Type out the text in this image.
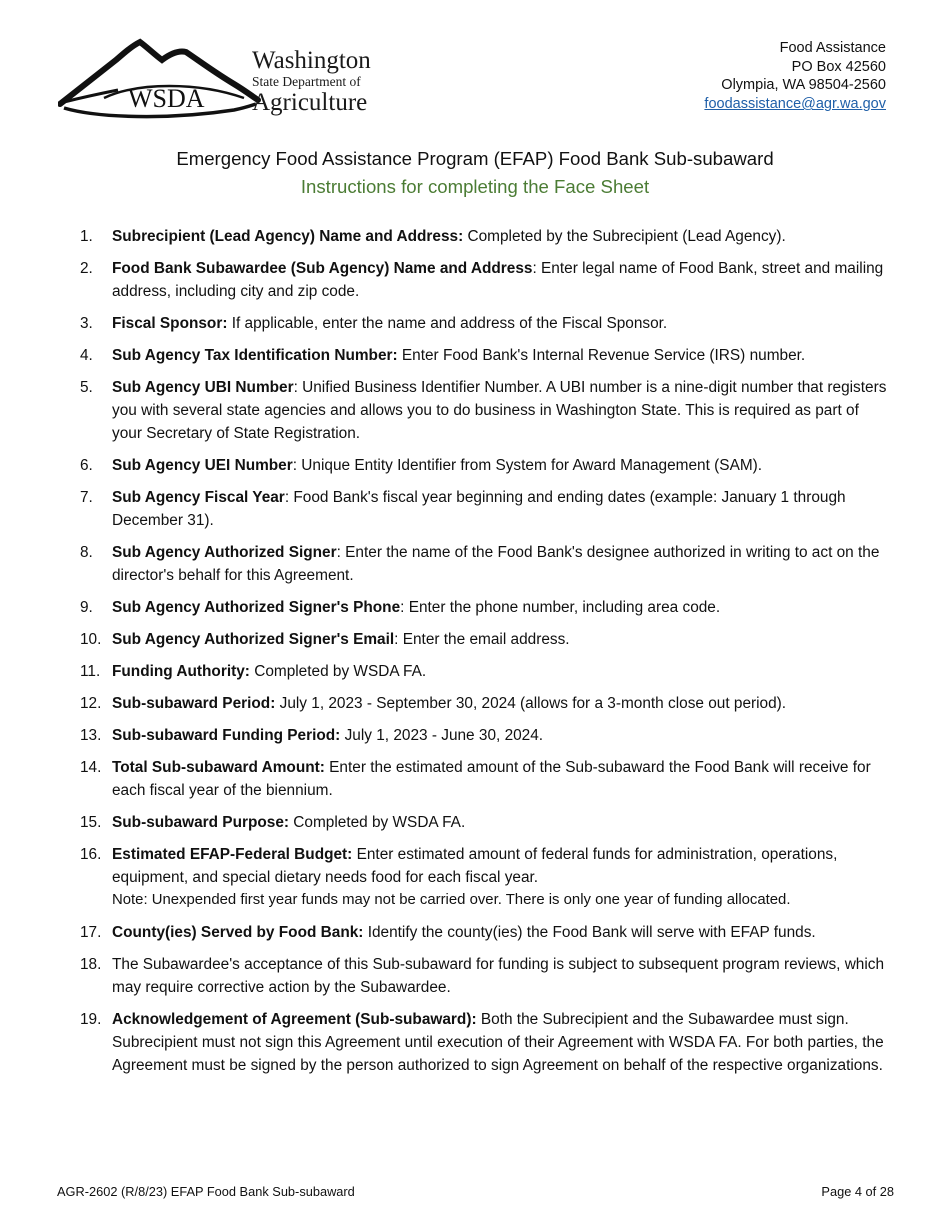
WSDA
Washington
State Department of
Agriculture
Food Assistance
PO Box 42560
Olympia, WA 98504-2560
foodassistance@agr.wa.gov
Emergency Food Assistance Program (EFAP) Food Bank Sub-subaward
Instructions for completing the Face Sheet
1.	Subrecipient (Lead Agency) Name and Address: Completed by the Subrecipient (Lead Agency).
2.	Food Bank Subawardee (Sub Agency) Name and Address: Enter legal name of Food Bank, street and mailing address, including city and zip code.
3.	Fiscal Sponsor: If applicable, enter the name and address of the Fiscal Sponsor.
4.	Sub Agency Tax Identification Number: Enter Food Bank's Internal Revenue Service (IRS) number.
5.	Sub Agency UBI Number: Unified Business Identifier Number. A UBI number is a nine-digit number that registers you with several state agencies and allows you to do business in Washington State. This is required as part of your Secretary of State Registration.
6.	Sub Agency UEI Number: Unique Entity Identifier from System for Award Management (SAM).
7.	Sub Agency Fiscal Year: Food Bank's fiscal year beginning and ending dates (example: January 1 through December 31).
8.	Sub Agency Authorized Signer: Enter the name of the Food Bank's designee authorized in writing to act on the director's behalf for this Agreement.
9.	Sub Agency Authorized Signer's Phone: Enter the phone number, including area code.
10. Sub Agency Authorized Signer's Email: Enter the email address.
11. Funding Authority: Completed by WSDA FA.
12. Sub-subaward Period: July 1, 2023 - September 30, 2024 (allows for a 3-month close out period).
13. Sub-subaward Funding Period: July 1, 2023 - June 30, 2024.
14. Total Sub-subaward Amount: Enter the estimated amount of the Sub-subaward the Food Bank will receive for each fiscal year of the biennium.
15. Sub-subaward Purpose: Completed by WSDA FA.
16. Estimated EFAP-Federal Budget: Enter estimated amount of federal funds for administration, operations, equipment, and special dietary needs food for each fiscal year.
Note: Unexpended first year funds may not be carried over. There is only one year of funding allocated.
17. County(ies) Served by Food Bank: Identify the county(ies) the Food Bank will serve with EFAP funds.
18. The Subawardee's acceptance of this Sub-subaward for funding is subject to subsequent program reviews, which may require corrective action by the Subawardee.
19. Acknowledgement of Agreement (Sub-subaward): Both the Subrecipient and the Subawardee must sign. Subrecipient must not sign this Agreement until execution of their Agreement with WSDA FA. For both parties, the Agreement must be signed by the person authorized to sign Agreement on behalf of the respective organizations.
AGR-2602 (R/8/23) EFAP Food Bank Sub-subaward	Page 4 of 28
